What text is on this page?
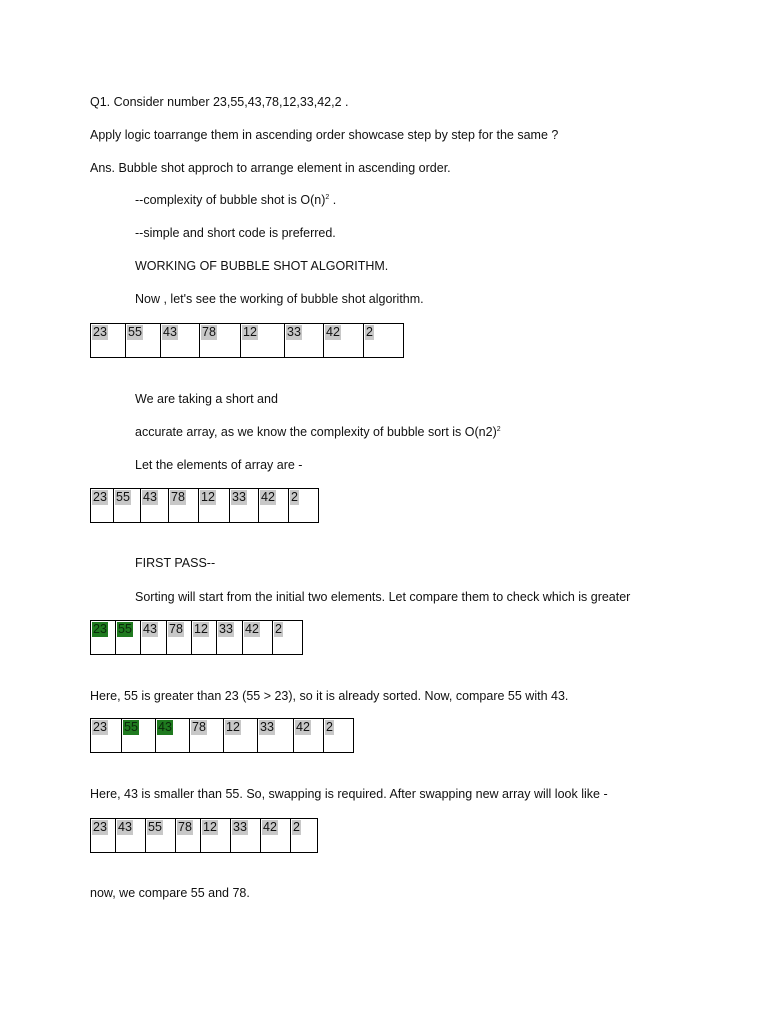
Q1. Consider number 23,55,43,78,12,33,42,2 .
Apply logic toarrange them in ascending order showcase step by step for the same ?
Ans. Bubble shot approch to arrange element in ascending order.
--complexity of bubble shot is $O(n)^2$ .
--simple and short code is preferred.
WORKING OF BUBBLE SHOT ALGORITHM.
Now , let's see the working of bubble shot algorithm.
23 55 43 78 12 33 42 2
We are taking a short and
accurate array, as we know the complexity of bubble sort is $O(n2)^2$
Let the elements of array are -
23 55 43 78 12 33 42 2
FIRST PASS--
Sorting will start from the initial two elements. Let compare them to check which is greater
23 55 43 78 12 33 42 2
Here, 55 is greater than 23 (55 > 23), so it is already sorted. Now, compare 55 with 43.
23 55 43 78 12 33 42 2
Here, 43 is smaller than 55. So, swapping is required. After swapping new array will look like -
23 43 55 78 12 33 42 2
now, we compare 55 and 78.
